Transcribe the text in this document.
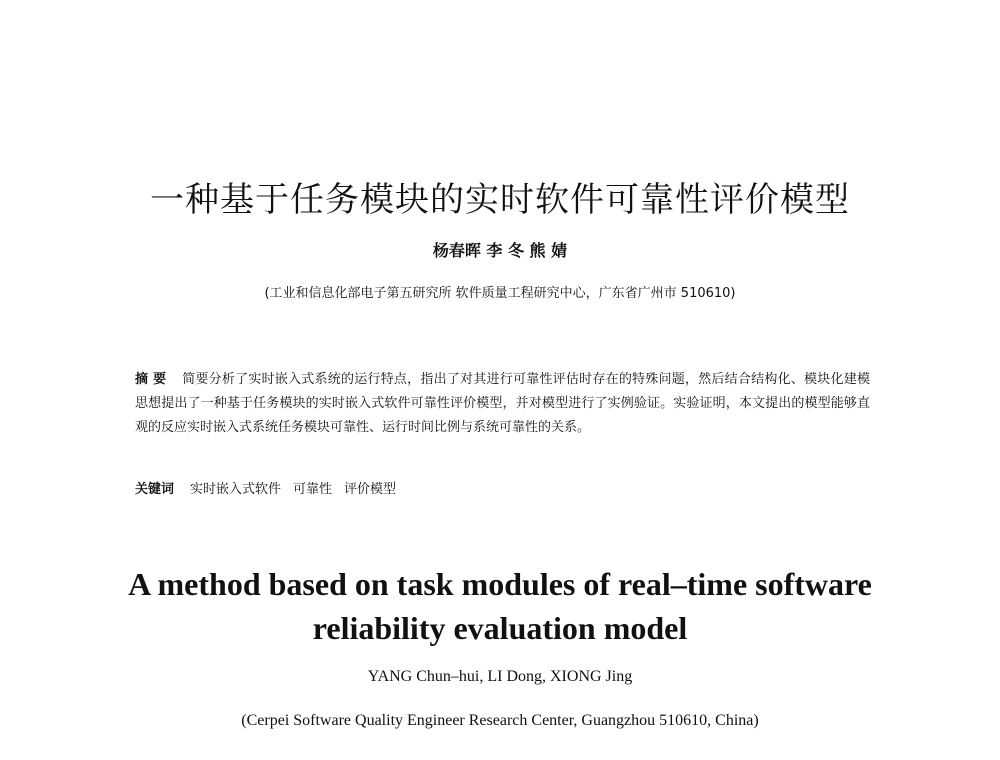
一种基于任务模块的实时软件可靠性评价模型
杨春晖 李 冬 熊 婧
(工业和信息化部电子第五研究所 软件质量工程研究中心，广东省广州市 510610)
摘 要 简要分析了实时嵌入式系统的运行特点，指出了对其进行可靠性评估时存在的特殊问题，然后结合结构化、模块化建模思想提出了一种基于任务模块的实时嵌入式软件可靠性评价模型，并对模型进行了实例验证。实验证明，本文提出的模型能够直观的反应实时嵌入式系统任务模块可靠性、运行时间比例与系统可靠性的关系。
关键词 实时嵌入式软件 可靠性 评价模型
A method based on task modules of real–time software reliability evaluation model
YANG Chun–hui, LI Dong, XIONG Jing
(Cerpei Software Quality Engineer Research Center, Guangzhou 510610, China)
